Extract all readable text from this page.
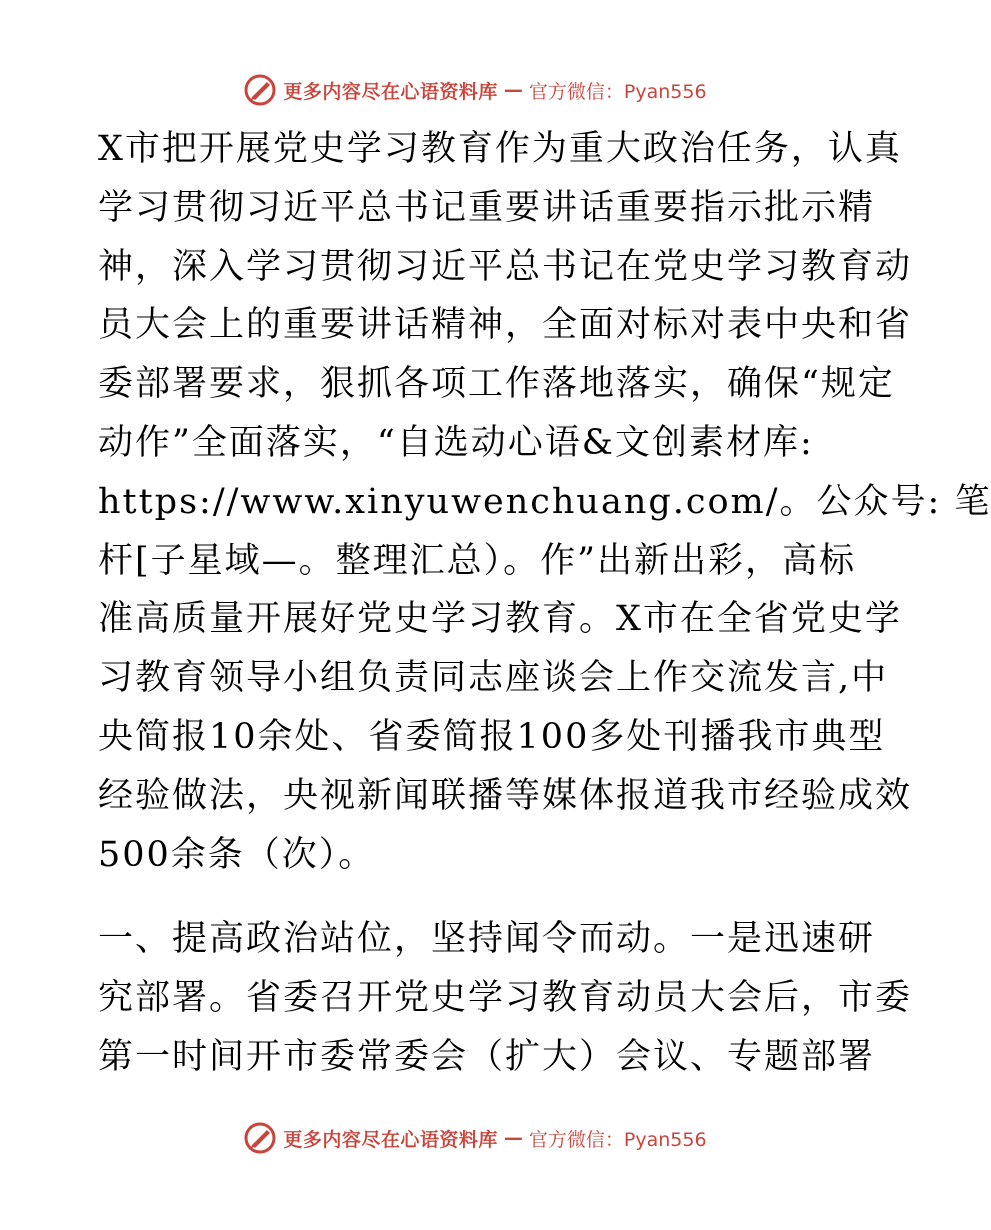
更多内容尽在心语资料库 — 官方微信：Pyan556
X市把开展党史学习教育作为重大政治任务，认真
学习贯彻习近平总书记重要讲话重要指示批示精
神，深入学习贯彻习近平总书记在党史学习教育动
员大会上的重要讲话精神，全面对标对表中央和省
委部署要求，狠抓各项工作落地落实，确保“规定
动作”全面落实，“自选动心语&文创素材库:
https://www.xinyuwenchuang.com/。公众号: 笔
杆[子星域—。整理汇总）。作”出新出彩，高标
准高质量开展好党史学习教育。X市在全省党史学
习教育领导小组负责同志座谈会上作交流发言,中
央简报10余处、省委简报100多处刊播我市典型
经验做法，央视新闻联播等媒体报道我市经验成效
500余条（次）。
一、提高政治站位，坚持闻令而动。一是迅速研
究部署。省委召开党史学习教育动员大会后，市委
第一时间开市委常委会（扩大）会议、专题部署
更多内容尽在心语资料库 — 官方微信：Pyan556
